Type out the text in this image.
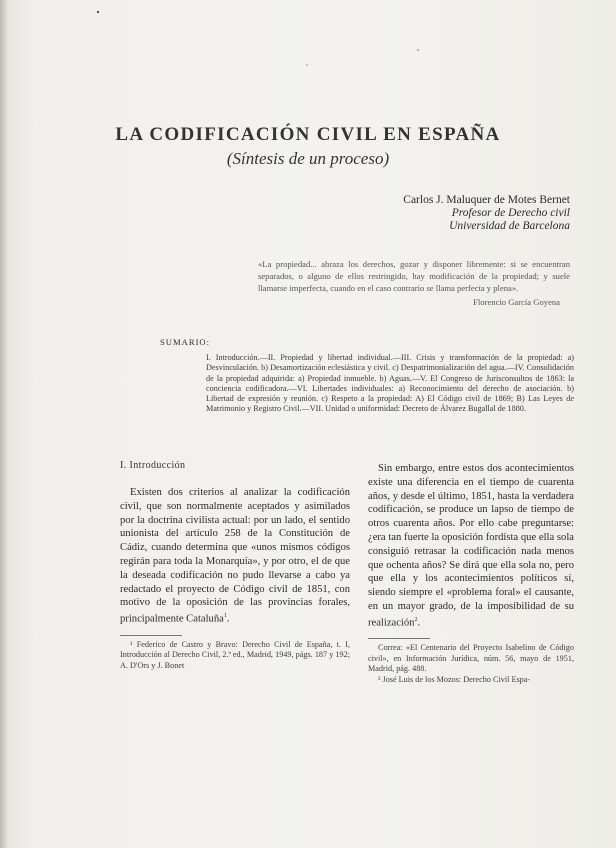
LA CODIFICACIÓN CIVIL EN ESPAÑA
(Síntesis de un proceso)
Carlos J. Maluquer de Motes Bernet
Profesor de Derecho civil
Universidad de Barcelona
«La propiedad... abraza los derechos, gozar y disponer libremente: si se encuentran separados, o alguno de ellos restringido, hay modificación de la propiedad; y suele llamarse imperfecta, cuando en el caso contrario se llama perfecta y plena».
Florencio García Goyena
SUMARIO:
I. Introducción.—II. Propiedad y libertad individual.—III. Crisis y transformación de la propiedad: a) Desvinculación. b) Desamortización eclesiástica y civil. c) Despatrimonialización del agua.—IV. Consolidación de la propiedad adquirida: a) Propiedad inmueble. b) Aguas.—V. El Congreso de Jurisconsultos de 1863: la conciencia codificadora.—VI. Libertades individuales: a) Reconocimiento del derecho de asociación. b) Libertad de expresión y reunión. c) Respeto a la propiedad: A) El Código civil de 1869; B) Las Leyes de Matrimonio y Registro Civil.—VII. Unidad o uniformidad: Decreto de Álvarez Bugallal de 1880.
I. Introducción

Existen dos criterios al analizar la codificación civil, que son normalmente aceptados y asimilados por la doctrina civilista actual: por un lado, el sentido unionista del artículo 258 de la Constitución de Cádiz, cuando determina que «unos mismos códigos regirán para toda la Monarquía», y por otro, el de que la deseada codificación no pudo llevarse a cabo ya redactado el proyecto de Código civil de 1851, con motivo de la oposición de las provincias forales, principalmente Cataluña$^1$.

¹ Federico de Castro y Bravo: Derecho Civil de España, t. I, Introducción al Derecho Civil, 2.ª ed., Madrid, 1949, págs. 187 y 192; A. D'Ors y J. Bonet

Sin embargo, entre estos dos acontecimientos existe una diferencia en el tiempo de cuarenta años, y desde el último, 1851, hasta la verdadera codificación, se produce un lapso de tiempo de otros cuarenta años. Por ello cabe preguntarse: ¿era tan fuerte la oposición fordista que ella sola consiguió retrasar la codificación nada menos que ochenta años? Se dirá que ella sola no, pero que ella y los acontecimientos políticos sí, siendo siempre el «problema foral» el causante, en un mayor grado, de la imposibilidad de su realización$^2$.

Correa: «El Centenario del Proyecto Isabelino de Código civil», en Información Jurídica, núm. 56, mayo de 1951, Madrid, pág. 488.

² José Luis de los Mozos: Derecho Civil Espa-
